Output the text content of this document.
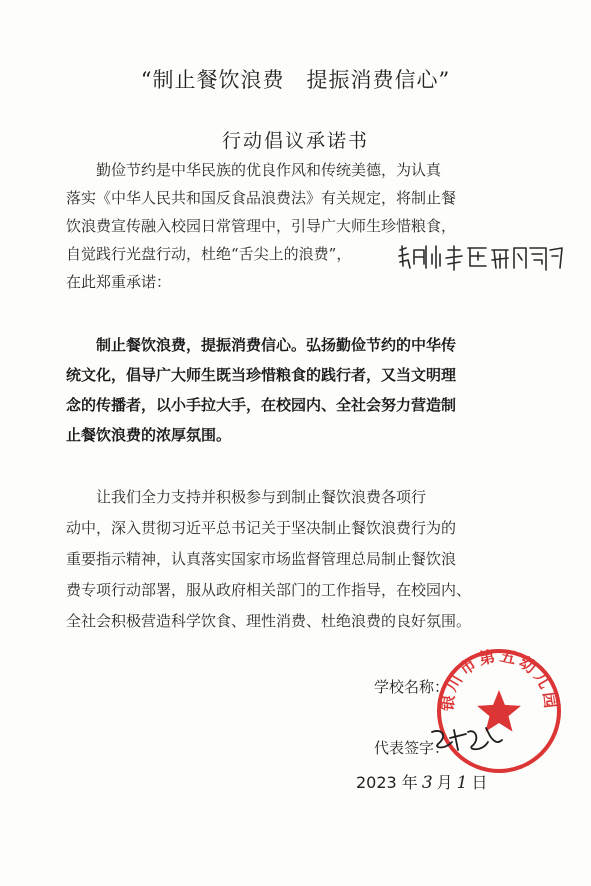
“制止餐饮浪费　提振消费信心”
行动倡议承诺书
勤俭节约是中华民族的优良作风和传统美德，为认真
落实《中华人民共和国反食品浪费法》有关规定，将制止餐
饮浪费宣传融入校园日常管理中，引导广大师生珍惜粮食，
自觉践行光盘行动，杜绝“舌尖上的浪费”，
在此郑重承诺：
制止餐饮浪费，提振消费信心。弘扬勤俭节约的中华传
统文化，倡导广大师生既当珍惜粮食的践行者，又当文明理
念的传播者，以小手拉大手，在校园内、全社会努力营造制
止餐饮浪费的浓厚氛围。
让我们全力支持并积极参与到制止餐饮浪费各项行
动中，深入贯彻习近平总书记关于坚决制止餐饮浪费行为的
重要指示精神，认真落实国家市场监督管理总局制止餐饮浪
费专项行动部署，服从政府相关部门的工作指导，在校园内、
全社会积极营造科学饮食、理性消费、杜绝浪费的良好氛围。
学校名称：
代表签字：
2023 年 3 月 1 日
银川市第五幼儿园
